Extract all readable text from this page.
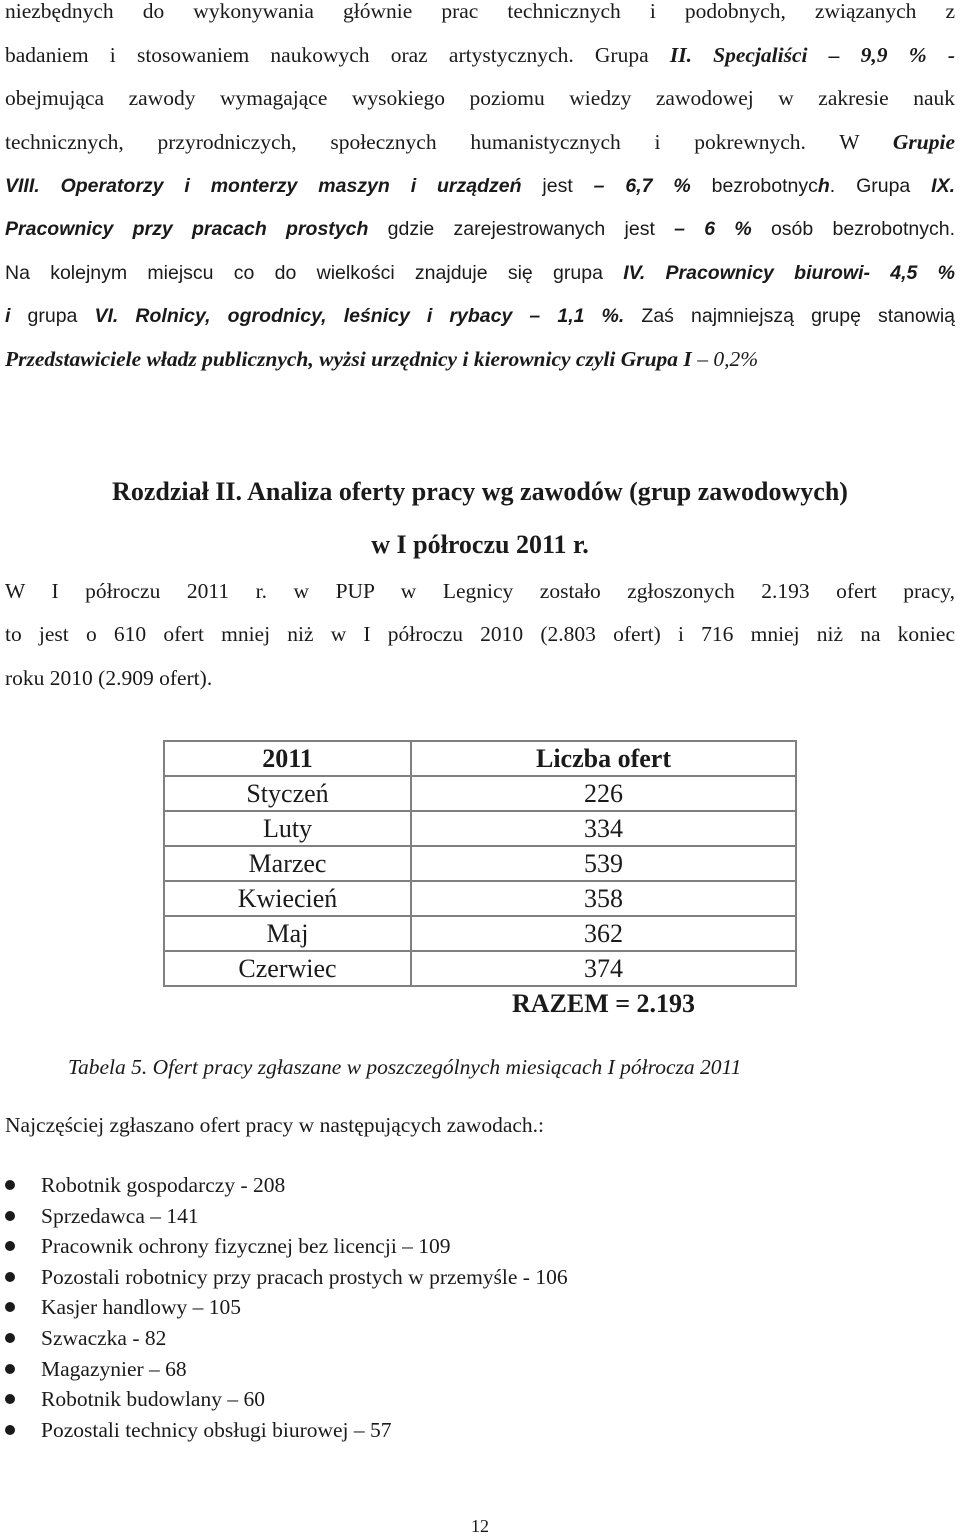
niezbędnych do wykonywania głównie prac technicznych i podobnych, związanych z

badaniem i stosowaniem naukowych oraz artystycznych. Grupa II. Specjaliści – 9,9 % -

obejmująca zawody wymagające wysokiego poziomu wiedzy zawodowej w zakresie nauk

technicznych, przyrodniczych, społecznych humanistycznych i pokrewnych. W Grupie

VIII. Operatorzy i monterzy maszyn i urządzeń jest – 6,7 % bezrobotnych. Grupa IX.

Pracownicy przy pracach prostych gdzie zarejestrowanych jest – 6 % osób bezrobotnych.

Na kolejnym miejscu co do wielkości znajduje się grupa IV. Pracownicy biurowi- 4,5 %

i grupa VI. Rolnicy, ogrodnicy, leśnicy i rybacy – 1,1 %. Zaś najmniejszą grupę stanowią

Przedstawiciele władz publicznych, wyżsi urzędnicy i kierownicy czyli Grupa I – 0,2%

Rozdział II. Analiza oferty pracy wg zawodów (grup zawodowych)
w I półroczu 2011 r.

W I półroczu 2011 r. w PUP w Legnicy zostało zgłoszonych 2.193 ofert pracy,

to jest o 610 ofert mniej niż w I półroczu 2010 (2.803 ofert) i 716 mniej niż na koniec

roku 2010 (2.909 ofert).

2011	Liczba ofert
Styczeń	226
Luty	334
Marzec	539
Kwiecień	358
Maj	362
Czerwiec	374
	RAZEM = 2.193

Tabela 5. Ofert pracy zgłaszane w poszczególnych miesiącach I półrocza 2011

Najczęściej zgłaszano ofert pracy w następujących zawodach.:

Robotnik gospodarczy - 208
Sprzedawca – 141
Pracownik ochrony fizycznej bez licencji – 109
Pozostali robotnicy przy pracach prostych w przemyśle - 106
Kasjer handlowy – 105
Szwaczka - 82
Magazynier – 68
Robotnik budowlany – 60
Pozostali technicy obsługi biurowej – 57

12
